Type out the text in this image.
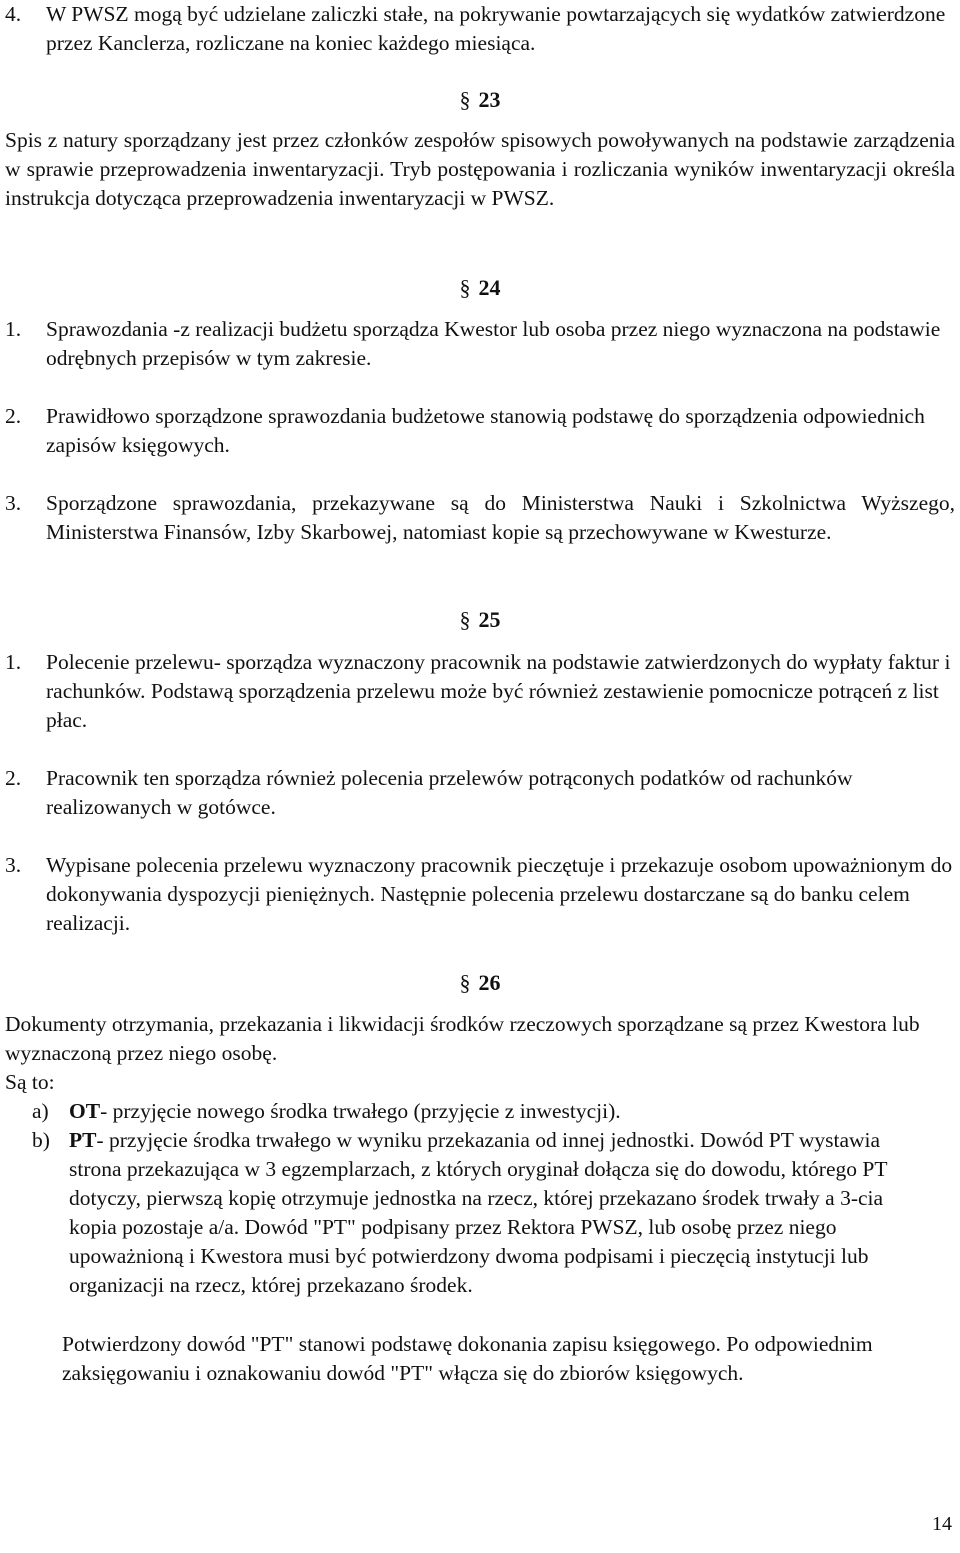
4.	W PWSZ mogą być udzielane zaliczki stałe, na pokrywanie powtarzających się wydatków zatwierdzone przez Kanclerza, rozliczane na koniec każdego miesiąca.
§ 23

Spis z natury sporządzany jest przez członków zespołów spisowych powoływanych na podstawie zarządzenia w sprawie przeprowadzenia inwentaryzacji. Tryb postępowania i rozliczania wyników inwentaryzacji określa instrukcja dotycząca przeprowadzenia inwentaryzacji w PWSZ.

§ 24
1.	Sprawozdania -z realizacji budżetu sporządza Kwestor lub osoba przez niego wyznaczona na podstawie odrębnych przepisów w tym zakresie.
2.	Prawidłowo sporządzone sprawozdania budżetowe stanowią podstawę do sporządzenia odpowiednich zapisów księgowych.
3.	Sporządzone sprawozdania, przekazywane są do Ministerstwa Nauki i Szkolnictwa Wyższego, Ministerstwa Finansów, Izby Skarbowej, natomiast kopie są przechowywane w Kwesturze.
§ 25
1.	Polecenie przelewu- sporządza wyznaczony pracownik na podstawie zatwierdzonych do wypłaty faktur i rachunków. Podstawą sporządzenia przelewu może być również zestawienie pomocnicze potrąceń z list płac.
2.	Pracownik ten sporządza również polecenia przelewów potrąconych podatków od rachunków realizowanych w gotówce.
3.	Wypisane polecenia przelewu wyznaczony pracownik pieczętuje i przekazuje osobom upoważnionym do dokonywania dyspozycji pieniężnych. Następnie polecenia przelewu dostarczane są do banku celem realizacji.
§ 26

Dokumenty otrzymania, przekazania i likwidacji środków rzeczowych sporządzane są przez Kwestora lub wyznaczoną przez niego osobę.

Są to:

a) OT- przyjęcie nowego środka trwałego (przyjęcie z inwestycji).
b) PT- przyjęcie środka trwałego w wyniku przekazania od innej jednostki. Dowód PT wystawia strona przekazująca w 3 egzemplarzach, z których oryginał dołącza się do dowodu, którego PT dotyczy, pierwszą kopię otrzymuje jednostka na rzecz, której przekazano środek trwały a 3-cia kopia pozostaje a/a. Dowód "PT" podpisany przez Rektora PWSZ, lub osobę przez niego upoważnioną i Kwestora musi być potwierdzony dwoma podpisami i pieczęcią instytucji lub organizacji na rzecz, której przekazano środek.

Potwierdzony dowód "PT" stanowi podstawę dokonania zapisu księgowego. Po odpowiednim zaksięgowaniu i oznakowaniu dowód "PT" włącza się do zbiorów księgowych.

14
